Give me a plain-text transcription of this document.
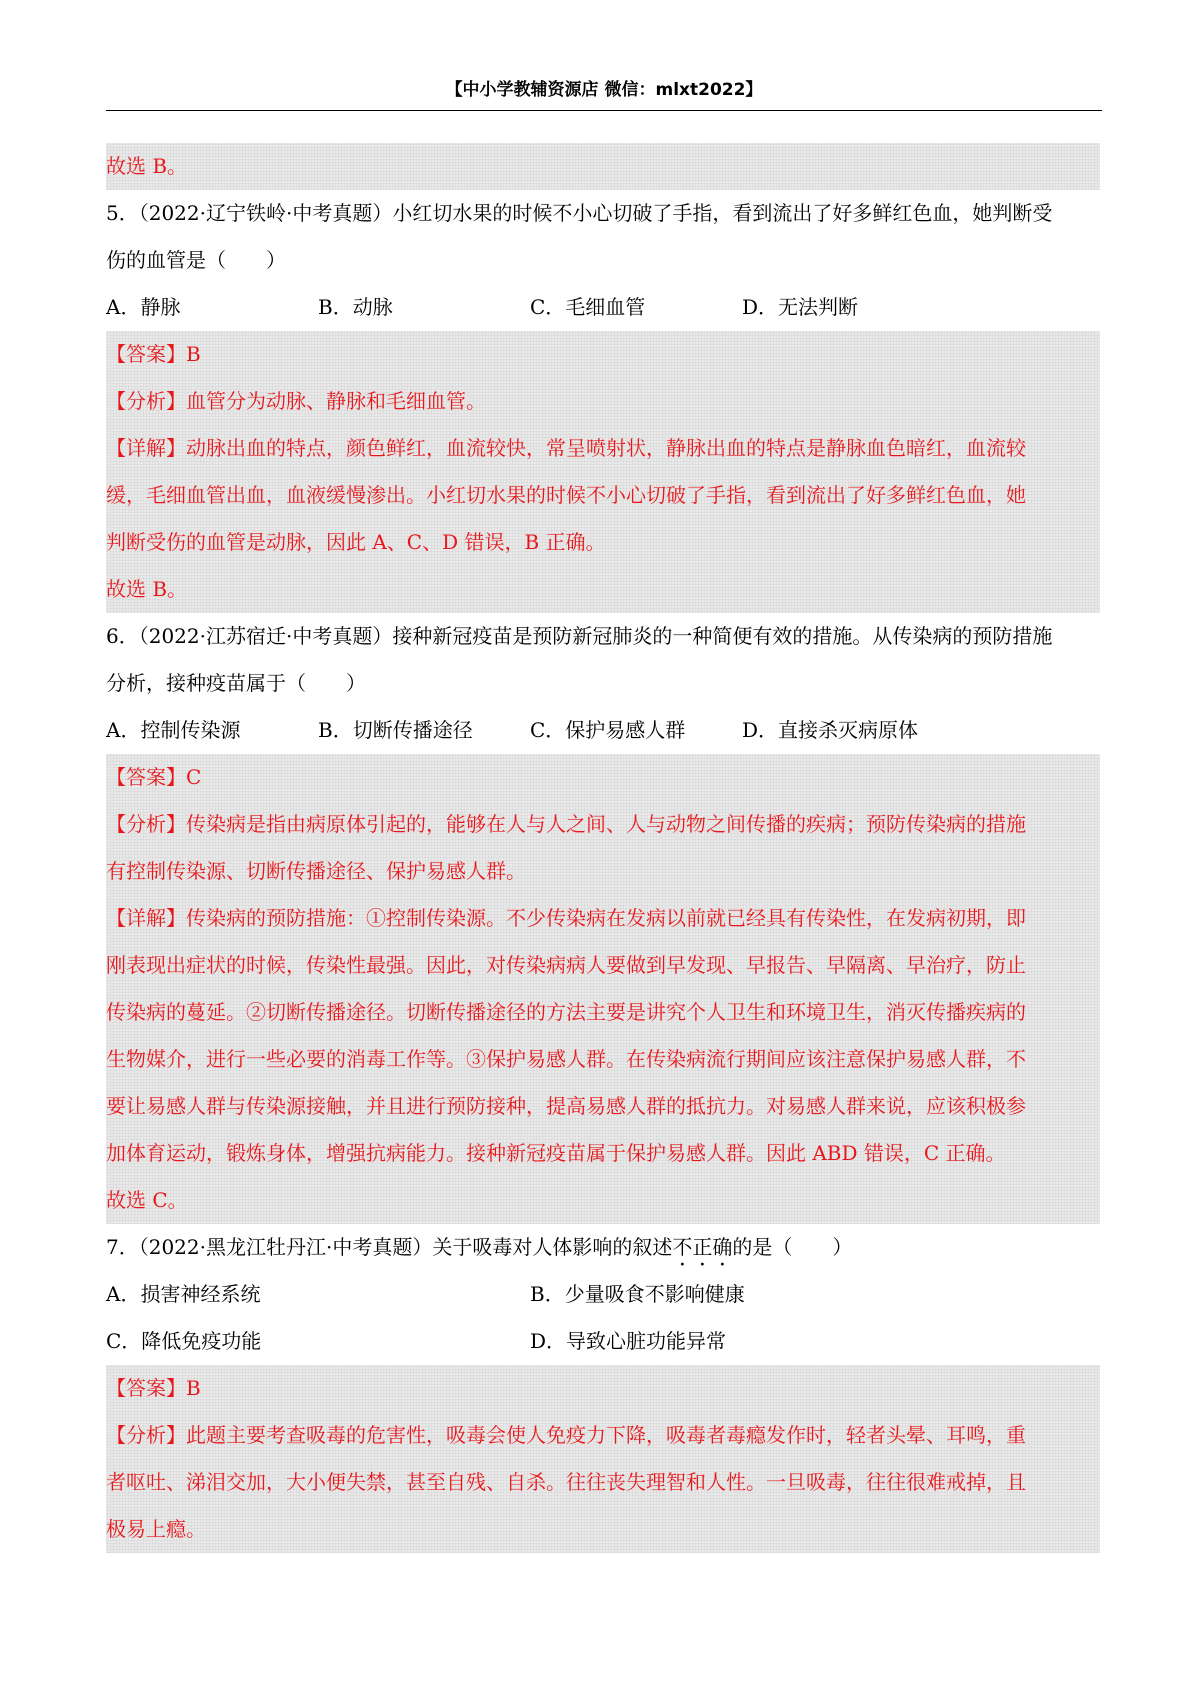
【中小学教辅资源店 微信：mlxt2022】
故选 B。
5．（2022·辽宁铁岭·中考真题）小红切水果的时候不小心切破了手指，看到流出了好多鲜红色血，她判断受
伤的血管是（　　）
A．静脉	B．动脉	C．毛细血管	D．无法判断
【答案】B
【分析】血管分为动脉、静脉和毛细血管。
【详解】动脉出血的特点，颜色鲜红，血流较快，常呈喷射状，静脉出血的特点是静脉血色暗红，血流较
缓，毛细血管出血，血液缓慢渗出。小红切水果的时候不小心切破了手指，看到流出了好多鲜红色血，她
判断受伤的血管是动脉，因此 A、C、D 错误，B 正确。
故选 B。
6．（2022·江苏宿迁·中考真题）接种新冠疫苗是预防新冠肺炎的一种简便有效的措施。从传染病的预防措施
分析，接种疫苗属于（　　）
A．控制传染源	B．切断传播途径	C．保护易感人群	D．直接杀灭病原体
【答案】C
【分析】传染病是指由病原体引起的，能够在人与人之间、人与动物之间传播的疾病；预防传染病的措施
有控制传染源、切断传播途径、保护易感人群。
【详解】传染病的预防措施：①控制传染源。不少传染病在发病以前就已经具有传染性，在发病初期，即
刚表现出症状的时候，传染性最强。因此，对传染病病人要做到早发现、早报告、早隔离、早治疗，防止
传染病的蔓延。②切断传播途径。切断传播途径的方法主要是讲究个人卫生和环境卫生，消灭传播疾病的
生物媒介，进行一些必要的消毒工作等。③保护易感人群。在传染病流行期间应该注意保护易感人群，不
要让易感人群与传染源接触，并且进行预防接种，提高易感人群的抵抗力。对易感人群来说，应该积极参
加体育运动，锻炼身体，增强抗病能力。接种新冠疫苗属于保护易感人群。因此 ABD 错误，C 正确。
故选 C。
7．（2022·黑龙江牡丹江·中考真题）关于吸毒对人体影响的叙述不正确的是（　　）
A．损害神经系统	B．少量吸食不影响健康
C．降低免疫功能	D．导致心脏功能异常
【答案】B
【分析】此题主要考查吸毒的危害性，吸毒会使人免疫力下降，吸毒者毒瘾发作时，轻者头晕、耳鸣，重
者呕吐、涕泪交加，大小便失禁，甚至自残、自杀。往往丧失理智和人性。一旦吸毒，往往很难戒掉，且
极易上瘾。
